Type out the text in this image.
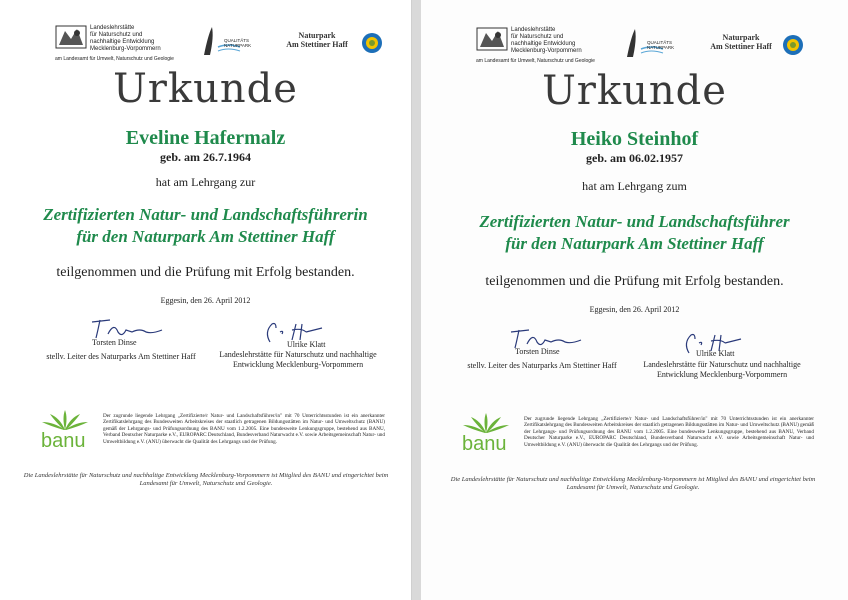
Landeslehrstätte
für Naturschutz und
nachhaltige Entwicklung
Mecklenburg-Vorpommern
am Landesamt für Umwelt, Naturschutz und Geologie
QUALITÄTS NATURPARK
Naturpark
Am Stettiner Haff
Urkunde
Eveline Hafermalz
geb. am 26.7.1964
hat am Lehrgang zur
Zertifizierten Natur- und Landschaftsführerin
für den Naturpark Am Stettiner Haff
teilgenommen und die Prüfung mit Erfolg bestanden.
Eggesin, den 26. April 2012
Torsten Dinse
stellv. Leiter des Naturparks Am Stettiner Haff
Ulrike Klatt
Landeslehrstätte für Naturschutz und nachhaltige
Entwicklung Mecklenburg-Vorpommern
banu
Der zugrunde liegende Lehrgang „Zertifizierte/r Natur- und Landschaftsführer/in" mit 70 Unterrichtsstunden ist ein anerkannter Zertifikatslehrgang des Bundesweiten Arbeitskreises der staatlich getragenen Bildungsstätten im Natur- und Umweltschutz (BANU) gemäß der Lehrgangs- und Prüfungsordnung des BANU vom 1.2.2005. Eine bundesweite Lenkungsgruppe, bestehend aus BANU, Verband Deutscher Naturparke e.V., EUROPARC Deutschland, Bundesverband Naturwacht e.V. sowie Arbeitsgemeinschaft Natur- und Umweltbildung e.V. (ANU) überwacht die Qualität des Lehrgangs und der Prüfung.
Die Landeslehrstätte für Naturschutz und nachhaltige Entwicklung Mecklenburg-Vorpommern ist Mitglied des BANU und eingerichtet beim
Landesamt für Umwelt, Naturschutz und Geologie.
Landeslehrstätte
für Naturschutz und
nachhaltige Entwicklung
Mecklenburg-Vorpommern
am Landesamt für Umwelt, Naturschutz und Geologie
QUALITÄTS NATURPARK
Naturpark
Am Stettiner Haff
Urkunde
Heiko Steinhof
geb. am 06.02.1957
hat am Lehrgang zum
Zertifizierten Natur- und Landschaftsführer
für den Naturpark Am Stettiner Haff
teilgenommen und die Prüfung mit Erfolg bestanden.
Eggesin, den 26. April 2012
Torsten Dinse
stellv. Leiter des Naturparks Am Stettiner Haff
Ulrike Klatt
Landeslehrstätte für Naturschutz und nachhaltige
Entwicklung Mecklenburg-Vorpommern
banu
Der zugrunde liegende Lehrgang „Zertifizierte/r Natur- und Landschaftsführer/in" mit 70 Unterrichtsstunden ist ein anerkannter Zertifikatslehrgang des Bundesweiten Arbeitskreises der staatlich getragenen Bildungsstätten im Natur- und Umweltschutz (BANU) gemäß der Lehrgangs- und Prüfungsordnung des BANU vom 1.2.2005. Eine bundesweite Lenkungsgruppe, bestehend aus BANU, Verband Deutscher Naturparke e.V., EUROPARC Deutschland, Bundesverband Naturwacht e.V. sowie Arbeitsgemeinschaft Natur- und Umweltbildung e.V. (ANU) überwacht die Qualität des Lehrgangs und der Prüfung.
Die Landeslehrstätte für Naturschutz und nachhaltige Entwicklung Mecklenburg-Vorpommern ist Mitglied des BANU und eingerichtet beim
Landesamt für Umwelt, Naturschutz und Geologie.
